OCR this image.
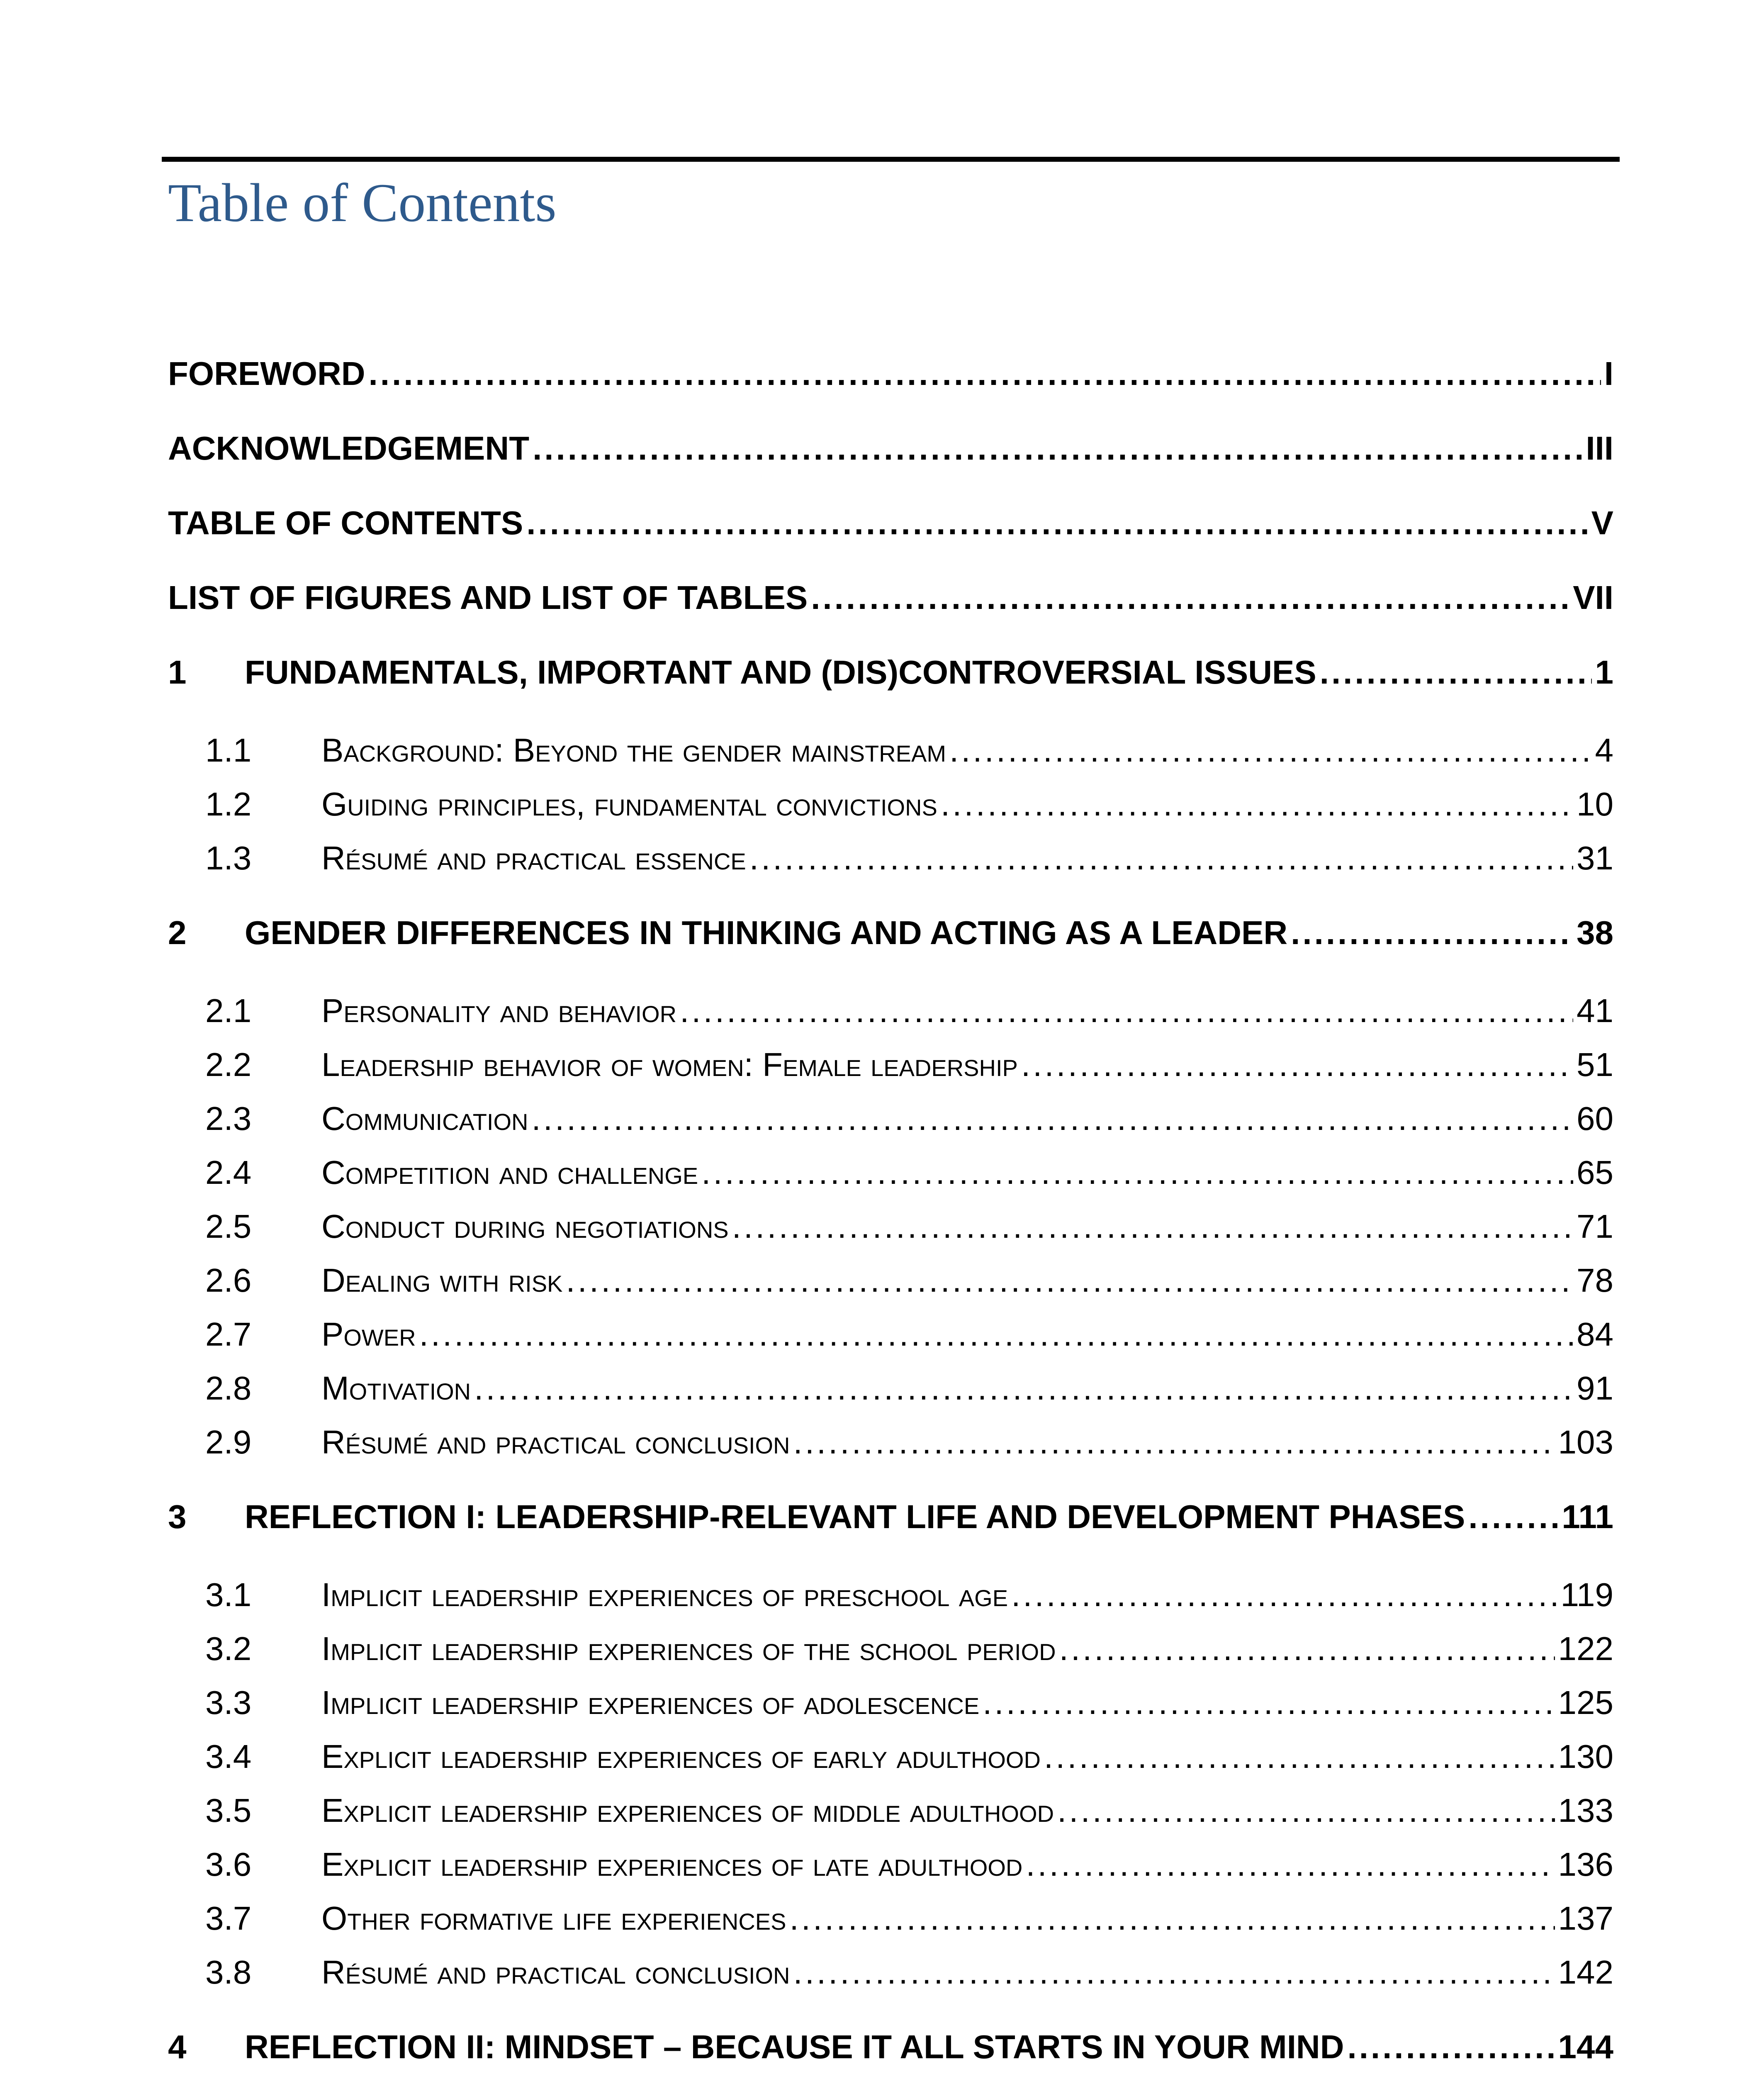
Table of Contents
FOREWORD .....	I
ACKNOWLEDGEMENT .....	III
TABLE OF CONTENTS .....	V
LIST OF FIGURES AND LIST OF TABLES .....	VII
1	FUNDAMENTALS, IMPORTANT AND (DIS)CONTROVERSIAL ISSUES .....	1
1.1	Background: Beyond the gender mainstream .....	4
1.2	Guiding principles, fundamental convictions .....	10
1.3	Résumé and practical essence .....	31
2	GENDER DIFFERENCES IN THINKING AND ACTING AS A LEADER .....	38
2.1	Personality and behavior .....	41
2.2	Leadership behavior of women: Female leadership .....	51
2.3	Communication .....	60
2.4	Competition and challenge .....	65
2.5	Conduct during negotiations .....	71
2.6	Dealing with risk .....	78
2.7	Power .....	84
2.8	Motivation .....	91
2.9	Résumé and practical conclusion .....	103
3	REFLECTION I: LEADERSHIP-RELEVANT LIFE AND DEVELOPMENT PHASES .....	111
3.1	Implicit leadership experiences of preschool age .....	119
3.2	Implicit leadership experiences of the school period .....	122
3.3	Implicit leadership experiences of adolescence .....	125
3.4	Explicit leadership experiences of early adulthood .....	130
3.5	Explicit leadership experiences of middle adulthood .....	133
3.6	Explicit leadership experiences of late adulthood .....	136
3.7	Other formative life experiences .....	137
3.8	Résumé and practical conclusion .....	142
4	REFLECTION II: MINDSET – BECAUSE IT ALL STARTS IN YOUR MIND .....	144
